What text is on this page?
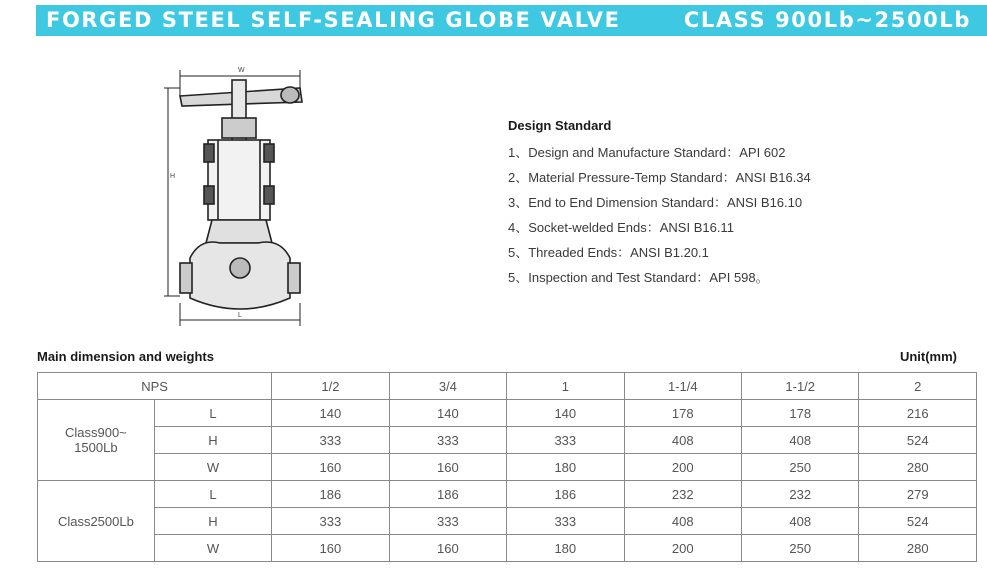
FORGED STEEL SELF-SEALING GLOBE VALVE	CLASS 900Lb~2500Lb
W
H
L
Design Standard
1、Design and Manufacture Standard：API 602
2、Material Pressure-Temp Standard：ANSI B16.34
3、End to End Dimension Standard：ANSI B16.10
4、Socket-welded Ends：ANSI B16.11
5、Threaded Ends：ANSI B1.20.1
5、Inspection and Test Standard：API 598。
Main dimension and weights	Unit(mm)
NPS		1/2	3/4	1	1-1/4	1-1/2	2
Class900~
1500Lb	L	140	140	140	178	178	216
	H	333	333	333	408	408	524
	W	160	160	180	200	250	280
Class2500Lb	L	186	186	186	232	232	279
	H	333	333	333	408	408	524
	W	160	160	180	200	250	280
